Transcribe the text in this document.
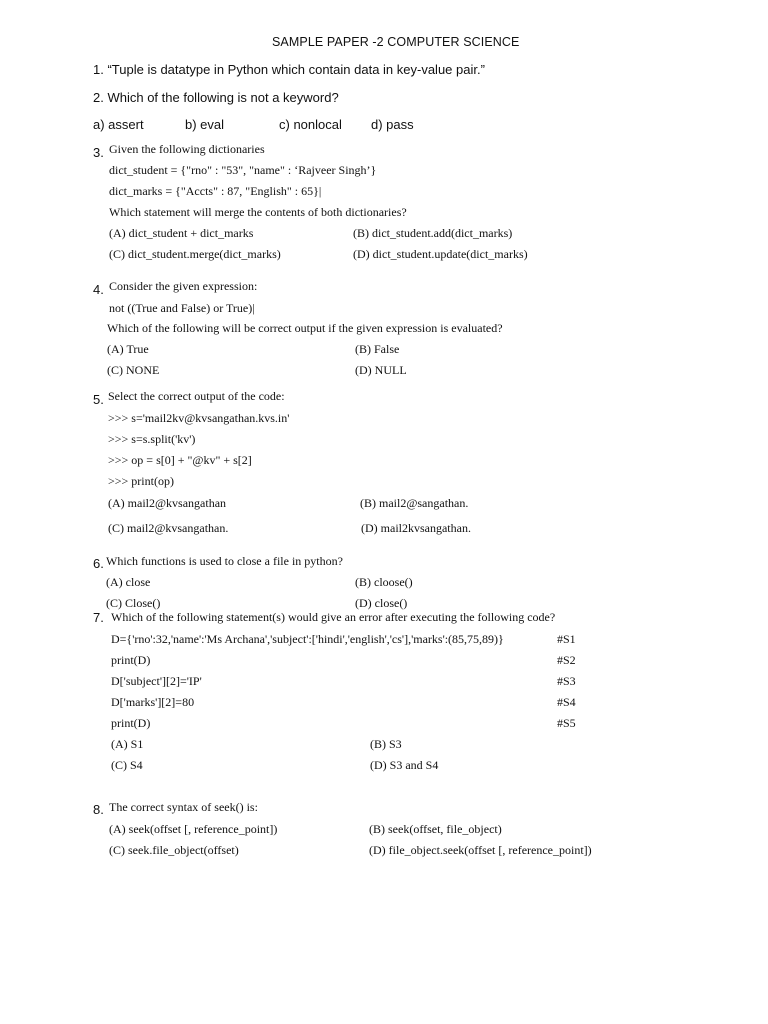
SAMPLE PAPER -2 COMPUTER SCIENCE
1. “Tuple is datatype in Python which contain data in key-value pair.”
2. Which of the following is not a keyword?
a) assert	b) eval	c) nonlocal d) pass
3. Given the following dictionaries
dict_student = {"rno" : "53", "name" : ‘Rajveer Singh’}
dict_marks = {"Accts" : 87, "English" : 65}|
Which statement will merge the contents of both dictionaries?
(A) dict_student + dict_marks	(B) dict_student.add(dict_marks)
(C) dict_student.merge(dict_marks)	(D) dict_student.update(dict_marks)
4. Consider the given expression:
not ((True and False) or True)|
Which of the following will be correct output if the given expression is evaluated?
(A) True	(B) False
(C) NONE	(D) NULL
5. Select the correct output of the code:
>>> s='mail2kv@kvsangathan.kvs.in'
>>> s=s.split('kv')
>>> op = s[0] + "@kv" + s[2]
>>> print(op)
(A) mail2@kvsangathan	(B) mail2@sangathan.
(C) mail2@kvsangathan.	(D) mail2kvsangathan.
6. Which functions is used to close a file in python?
(A) close	(B) cloose()
(C) Close()	(D) close()
7. Which of the following statement(s) would give an error after executing the following code?
D={'rno':32,'name':'Ms Archana','subject':['hindi','english','cs'],'marks':(85,75,89)}	#S1
print(D)	#S2
D['subject'][2]='IP'	#S3
D['marks'][2]=80	#S4
print(D)	#S5
(A) S1	(B) S3
(C) S4	(D) S3 and S4
8. The correct syntax of seek() is:
(A) seek(offset [, reference_point])	(B) seek(offset, file_object)
(C) seek.file_object(offset)	(D) file_object.seek(offset [, reference_point])
